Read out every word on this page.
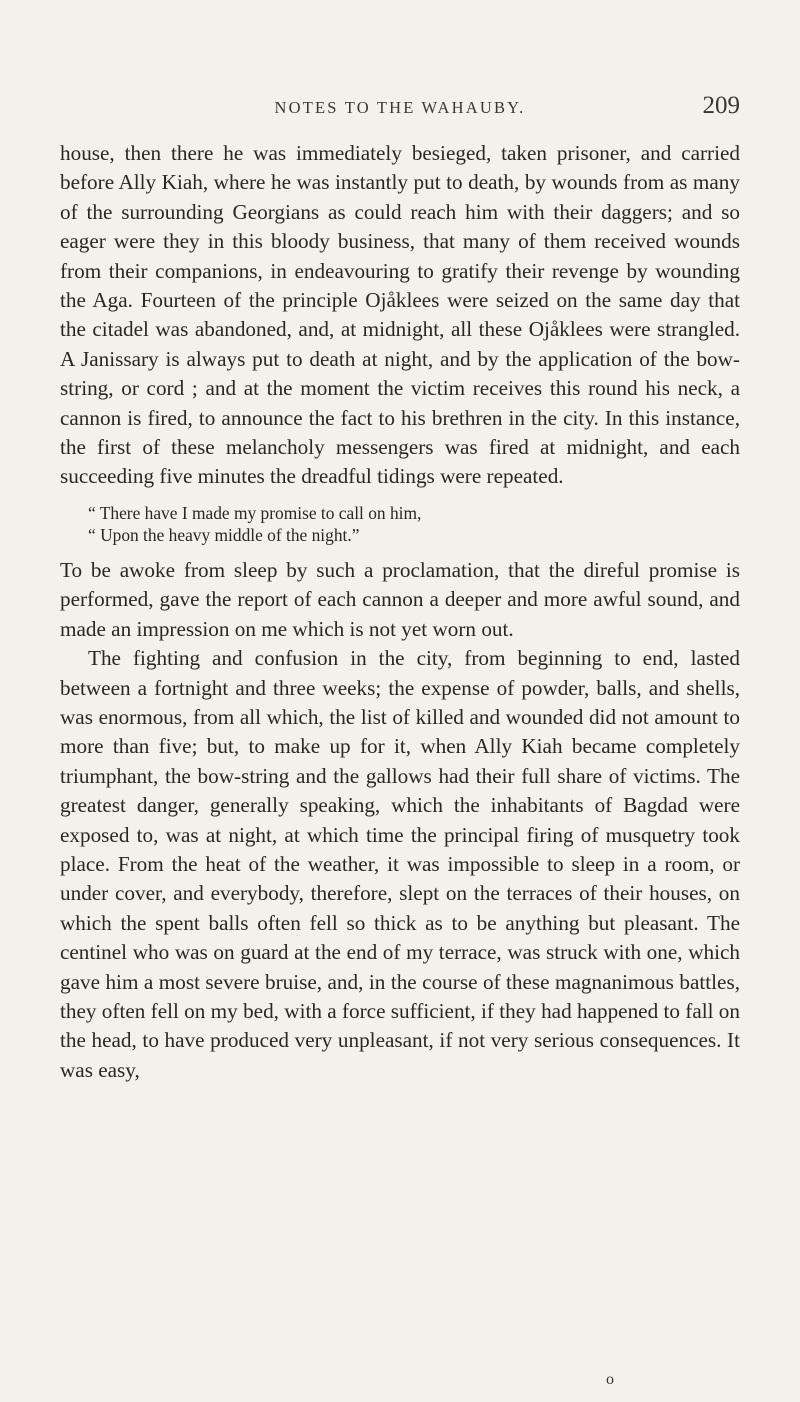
NOTES TO THE WAHAUBY.	209

house, then there he was immediately besieged, taken prisoner, and carried before Ally Kiah, where he was instantly put to death, by wounds from as many of the surrounding Georgians as could reach him with their daggers; and so eager were they in this bloody business, that many of them received wounds from their companions, in endeavouring to gratify their revenge by wounding the Aga. Fourteen of the principle Ojåklees were seized on the same day that the citadel was abandoned, and, at midnight, all these Ojåklees were strangled. A Janissary is always put to death at night, and by the application of the bow-string, or cord ; and at the moment the victim receives this round his neck, a cannon is fired, to announce the fact to his brethren in the city. In this instance, the first of these melancholy messengers was fired at midnight, and each succeeding five minutes the dreadful tidings were repeated.

“ There have I made my promise to call on him,
“ Upon the heavy middle of the night.”

To be awoke from sleep by such a proclamation, that the direful promise is performed, gave the report of each cannon a deeper and more awful sound, and made an impression on me which is not yet worn out.

The fighting and confusion in the city, from beginning to end, lasted between a fortnight and three weeks; the expense of powder, balls, and shells, was enormous, from all which, the list of killed and wounded did not amount to more than five; but, to make up for it, when Ally Kiah became completely triumphant, the bow-string and the gallows had their full share of victims. The greatest danger, generally speaking, which the inhabitants of Bagdad were exposed to, was at night, at which time the principal firing of musquetry took place. From the heat of the weather, it was impossible to sleep in a room, or under cover, and everybody, therefore, slept on the terraces of their houses, on which the spent balls often fell so thick as to be anything but pleasant. The centinel who was on guard at the end of my terrace, was struck with one, which gave him a most severe bruise, and, in the course of these magnanimous battles, they often fell on my bed, with a force sufficient, if they had happened to fall on the head, to have produced very unpleasant, if not very serious consequences. It was easy,

o
